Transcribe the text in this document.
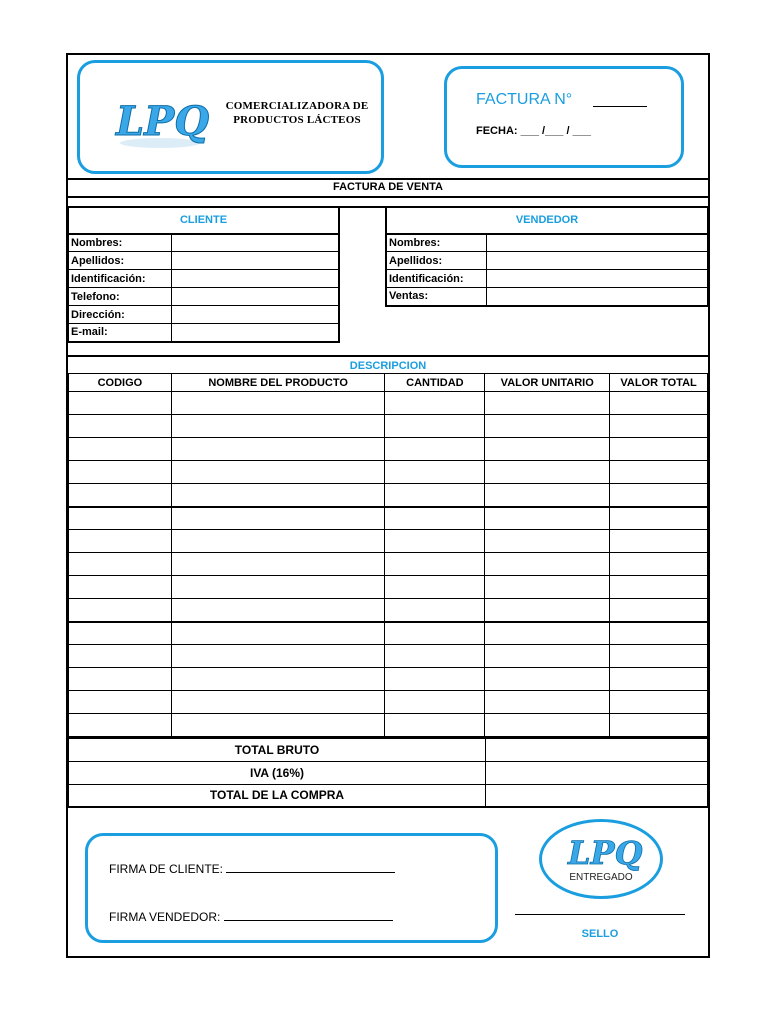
LPQ	COMERCIALIZADORA DE
PRODUCTOS LÁCTEOS
FACTURA N°
FECHA: ___ /___ / ___
FACTURA DE VENTA
CLIENTE	
Nombres:	
Apellidos:	
Identificación:	
Telefono:	
Dirección:	
E-mail:	
VENDEDOR	
Nombres:	
Apellidos:	
Identificación:	
Ventas:	
DESCRIPCION
CODIGO	NOMBRE DEL PRODUCTO	CANTIDAD	VALOR UNITARIO	VALOR TOTAL

TOTAL BRUTO	
IVA (16%)	
TOTAL DE LA COMPRA	
FIRMA DE CLIENTE:
FIRMA VENDEDOR:
LPQ
ENTREGADO
SELLO
